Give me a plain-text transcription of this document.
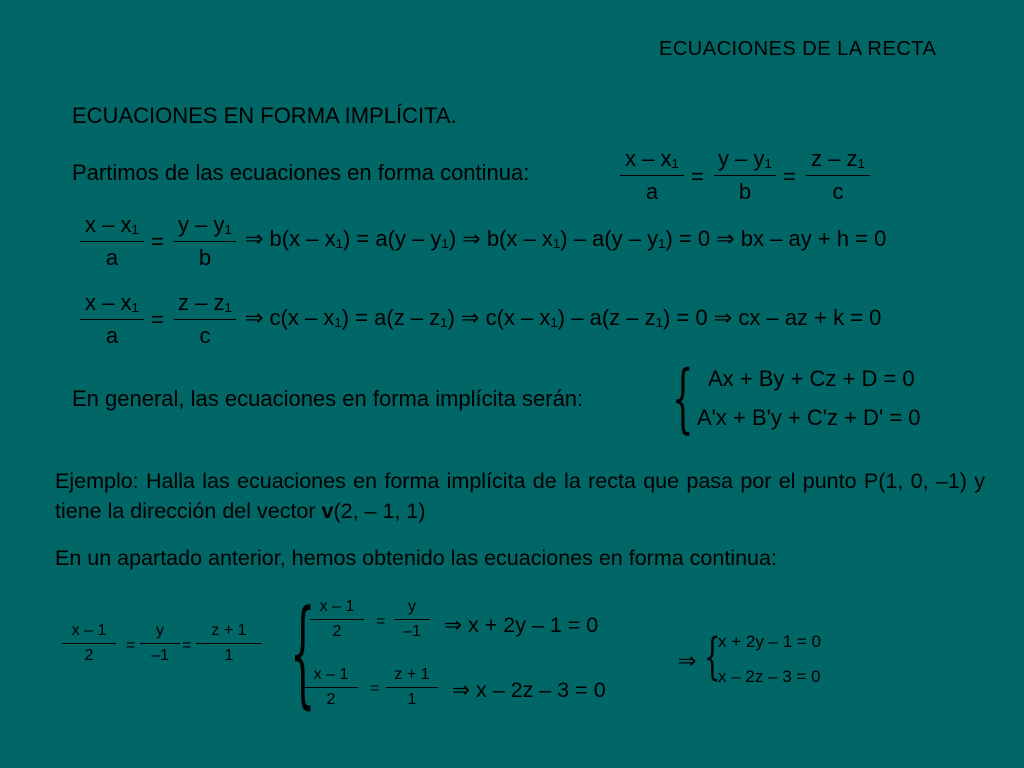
ECUACIONES DE LA RECTA
ECUACIONES EN FORMA IMPLÍCITA.
Partimos de las ecuaciones en forma continua:
x – x₁
a
=
y – y₁
b
=
z – z₁
c
x – x₁
a
=
y – y₁
b
⇒ b(x – x₁) = a(y – y₁) ⇒ b(x – x₁) – a(y – y₁) = 0 ⇒ bx – ay + h = 0
x – x₁
a
=
z – z₁
c
⇒ c(x – x₁) = a(z – z₁) ⇒ c(x – x₁) – a(z – z₁) = 0 ⇒ cx – az + k = 0
En general, las ecuaciones en forma implícita serán:	{ Ax + By + Cz + D = 0
A'x + B'y + C'z + D' = 0
Ejemplo: Halla las ecuaciones en forma implícita de la recta que pasa por el punto P(1, 0, –1) y tiene la dirección del vector v(2, – 1, 1)
En un apartado anterior, hemos obtenido las ecuaciones en forma continua:
x – 1
2
=
y
–1
=
z + 1
1	{ x – 1
2
=
y
–1	⇒ x + 2y – 1 = 0
x – 1
2
=
z + 1
1	⇒ x – 2z – 3 = 0
⇒ {
x + 2y – 1 = 0
x – 2z – 3 = 0
